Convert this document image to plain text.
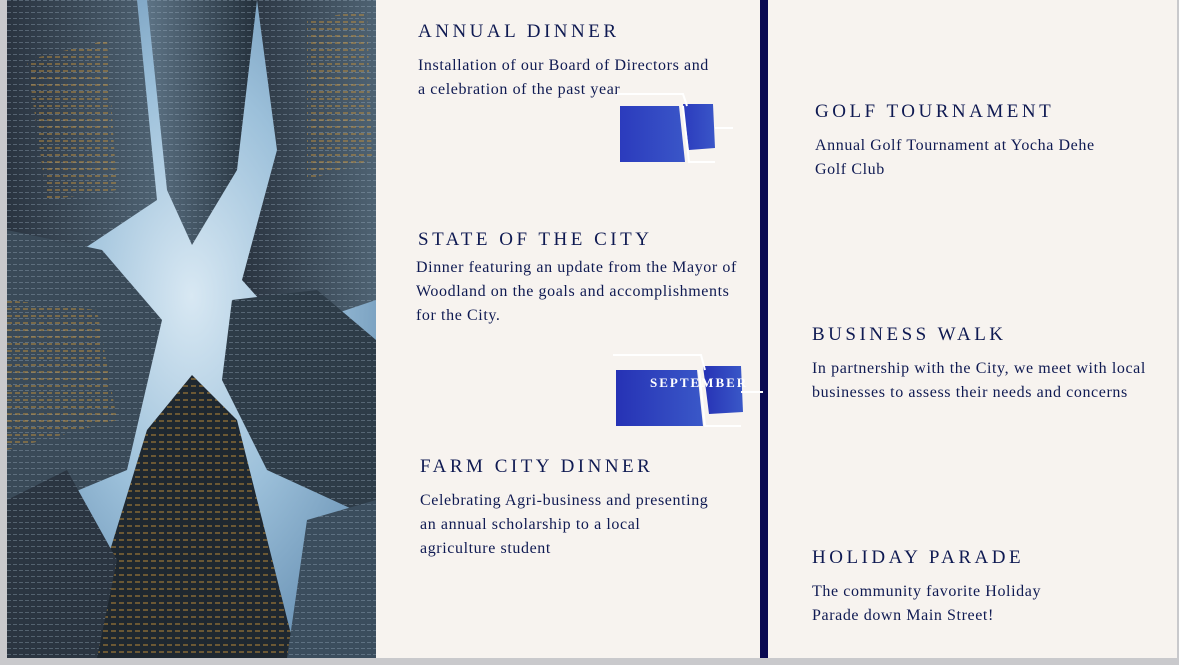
ANNUAL DINNER
Installation of our Board of Directors and a celebration of the past year
STATE OF THE CITY
Dinner featuring an update from the Mayor of Woodland on the goals and accomplishments for the City.
FARM CITY DINNER
Celebrating Agri-business and presenting an annual scholarship to a local agriculture student
GOLF TOURNAMENT
Annual Golf Tournament at Yocha Dehe Golf Club
BUSINESS WALK
In partnership with the City, we meet with local businesses to assess their needs and concerns
HOLIDAY PARADE
The community favorite Holiday Parade down Main Street!
SEPTEMBER
